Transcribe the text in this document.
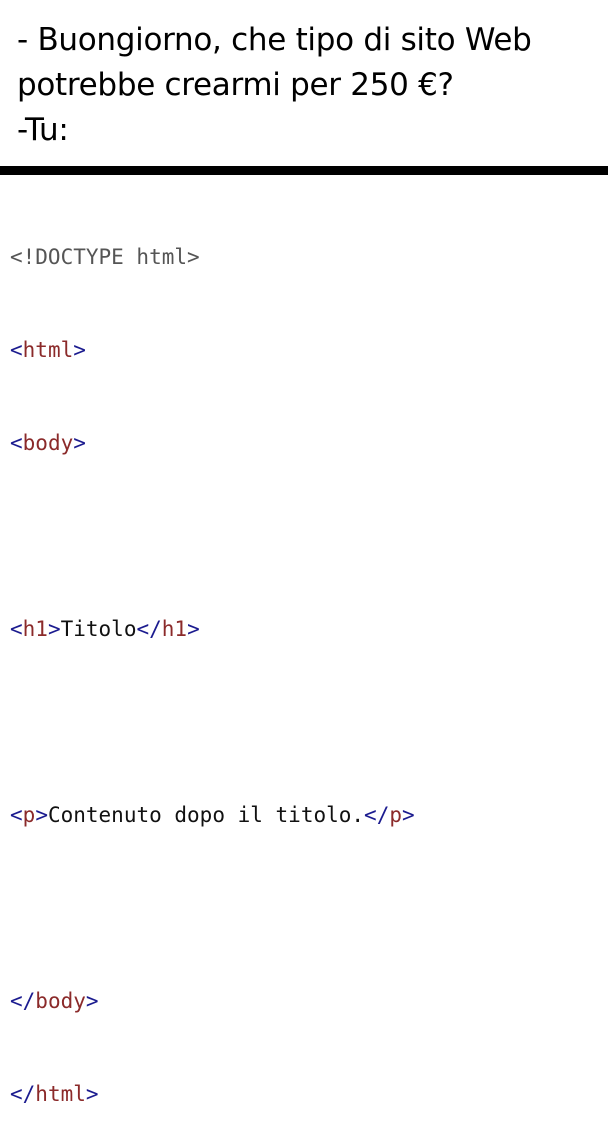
- Buongiorno, che tipo di sito Web
potrebbe crearmi per 250 €?
-Tu:

<!DOCTYPE html>

<html>

<body>

<h1>Titolo</h1>

<p>Contenuto dopo il titolo.</p>

</body>

</html>
